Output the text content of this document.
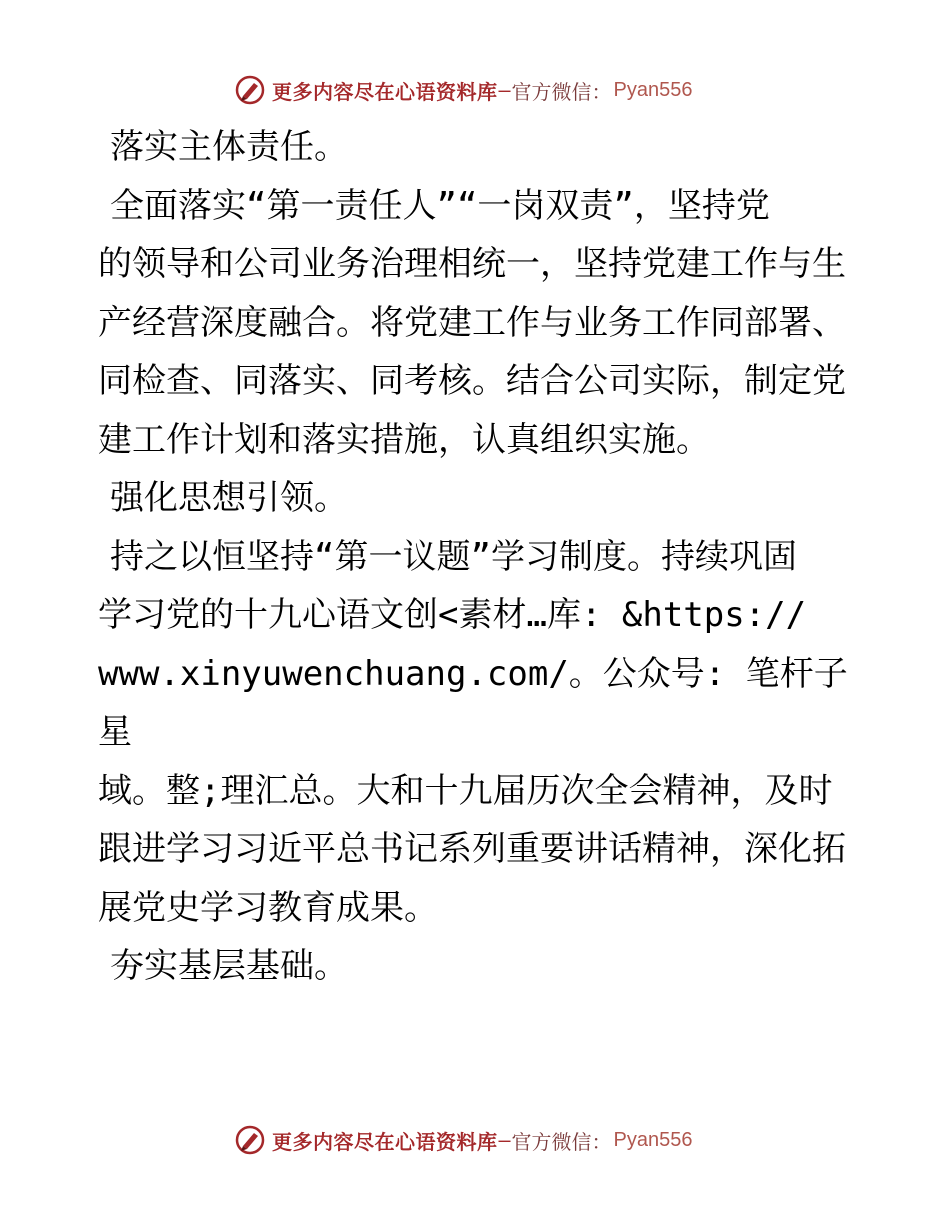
更多内容尽在心语资料库 — 官方微信： Pyan556

落实主体责任。

全面落实“第一责任人”“一岗双责”，坚持党
的领导和公司业务治理相统一，坚持党建工作与生
产经营深度融合。将党建工作与业务工作同部署、
同检查、同落实、同考核。结合公司实际，制定党
建工作计划和落实措施，认真组织实施。

强化思想引领。

持之以恒坚持“第一议题”学习制度。持续巩固
学习党的十九心语文创<素材…库: &https://
www.xinyuwenchuang.com/。公众号: 笔杆子星
域。整;理汇总。大和十九届历次全会精神，及时
跟进学习习近平总书记系列重要讲话精神，深化拓
展党史学习教育成果。

夯实基层基础。

更多内容尽在心语资料库 — 官方微信： Pyan556
